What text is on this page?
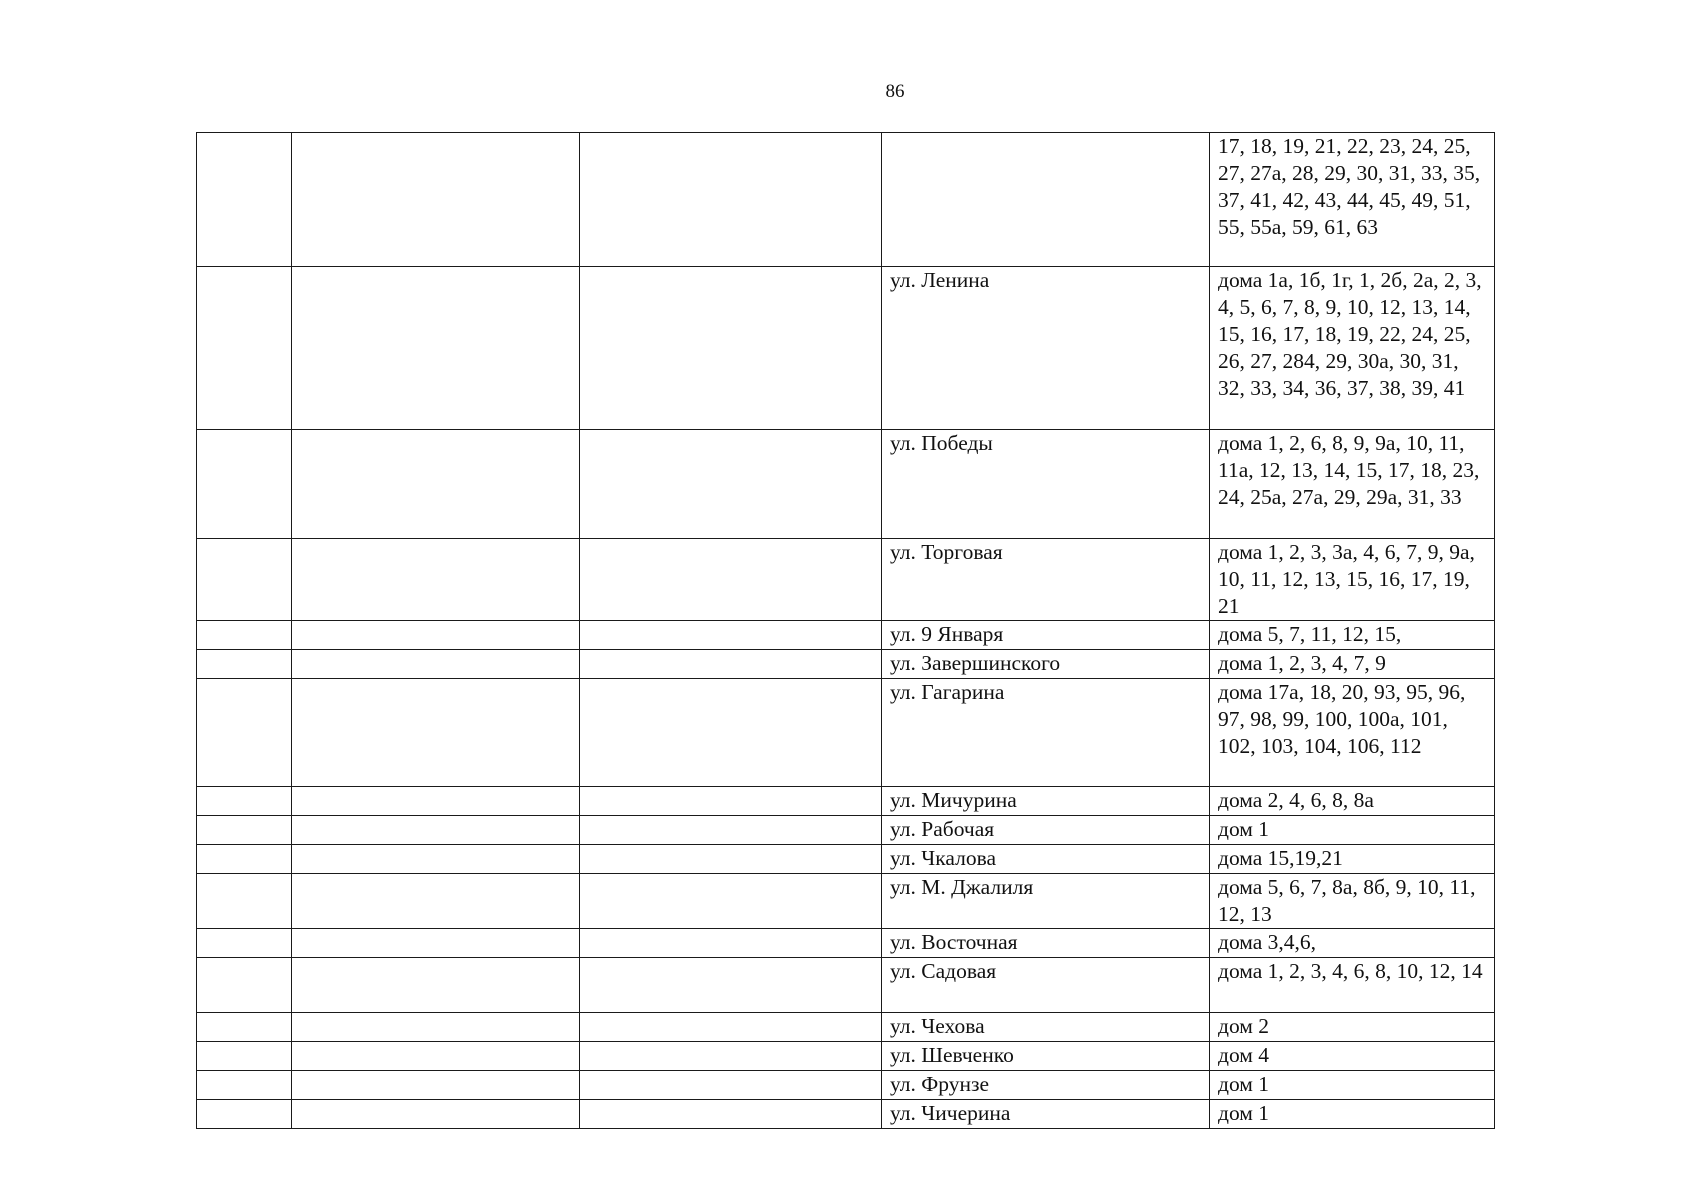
86
				17, 18, 19, 21, 22, 23, 24, 25, 27, 27а, 28, 29, 30, 31, 33, 35, 37, 41, 42, 43, 44, 45, 49, 51, 55, 55а, 59, 61, 63
			ул. Ленина	дома 1а, 1б, 1г, 1, 2б, 2а, 2, 3, 4, 5, 6, 7, 8, 9, 10, 12, 13, 14, 15, 16, 17, 18, 19, 22, 24, 25, 26, 27, 284, 29, 30а, 30, 31, 32, 33, 34, 36, 37, 38, 39, 41
			ул. Победы	дома 1, 2, 6, 8, 9, 9а, 10, 11, 11а, 12, 13, 14, 15, 17, 18, 23, 24, 25а, 27а, 29, 29а, 31, 33
			ул. Торговая	дома 1, 2, 3, 3а, 4, 6, 7, 9, 9а, 10, 11, 12, 13, 15, 16, 17, 19, 21
			ул. 9 Января	дома 5, 7, 11, 12, 15,
			ул. Завершинского	дома 1, 2, 3, 4, 7, 9
			ул. Гагарина	дома 17а, 18, 20, 93, 95, 96, 97, 98, 99, 100, 100а, 101, 102, 103, 104, 106, 112
			ул. Мичурина	дома 2, 4, 6, 8, 8а
			ул. Рабочая	дом 1
			ул. Чкалова	дома 15,19,21
			ул. М. Джалиля	дома 5, 6, 7, 8а, 8б, 9, 10, 11, 12, 13
			ул. Восточная	дома 3,4,6,
			ул. Садовая	дома 1, 2, 3, 4, 6, 8, 10, 12, 14
			ул. Чехова	дом 2
			ул. Шевченко	дом 4
			ул. Фрунзе	дом 1
			ул. Чичерина	дом 1
